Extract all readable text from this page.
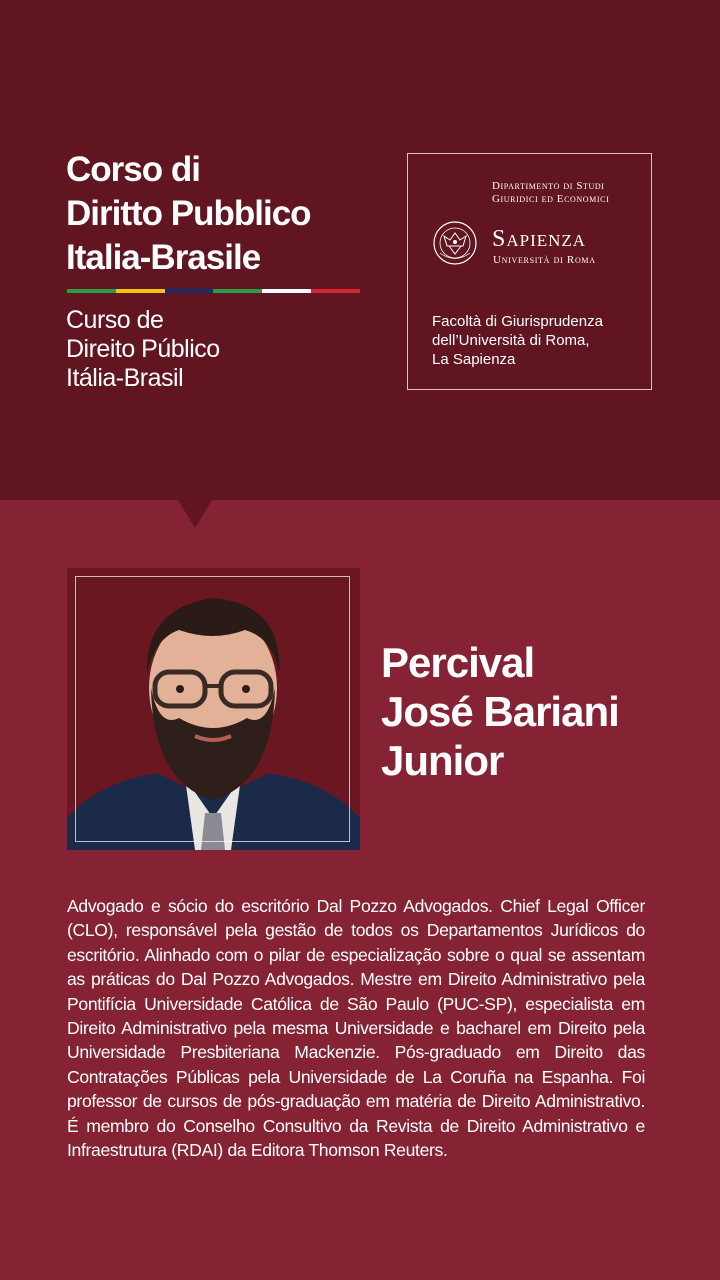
Corso di
Diritto Pubblico
Italia-Brasile
Curso de
Direito Público
Itália-Brasil
Dipartimento di Studi
Giuridici ed Economici
Sapienza
Università di Roma
Facoltà di Giurisprudenza
dell’Università di Roma,
La Sapienza
Percival
José Bariani
Junior
Advogado e sócio do escritório Dal Pozzo Advogados. Chief Legal Officer (CLO), responsável pela gestão de todos os Departamentos Jurídicos do escritório. Alinhado com o pilar de especialização sobre o qual se assentam as práticas do Dal Pozzo Advogados. Mestre em Direito Administrativo pela Pontifícia Universidade Católica de São Paulo (PUC-SP), especialista em Direito Administrativo pela mesma Universidade e bacharel em Direito pela Universidade Presbiteriana Mackenzie. Pós-graduado em Direito das Contratações Públicas pela Universidade de La Coruña na Espanha. Foi professor de cursos de pós-graduação em matéria de Direito Administrativo. É membro do Conselho Consultivo da Revista de Direito Administrativo e Infraestrutura (RDAI) da Editora Thomson Reuters.
